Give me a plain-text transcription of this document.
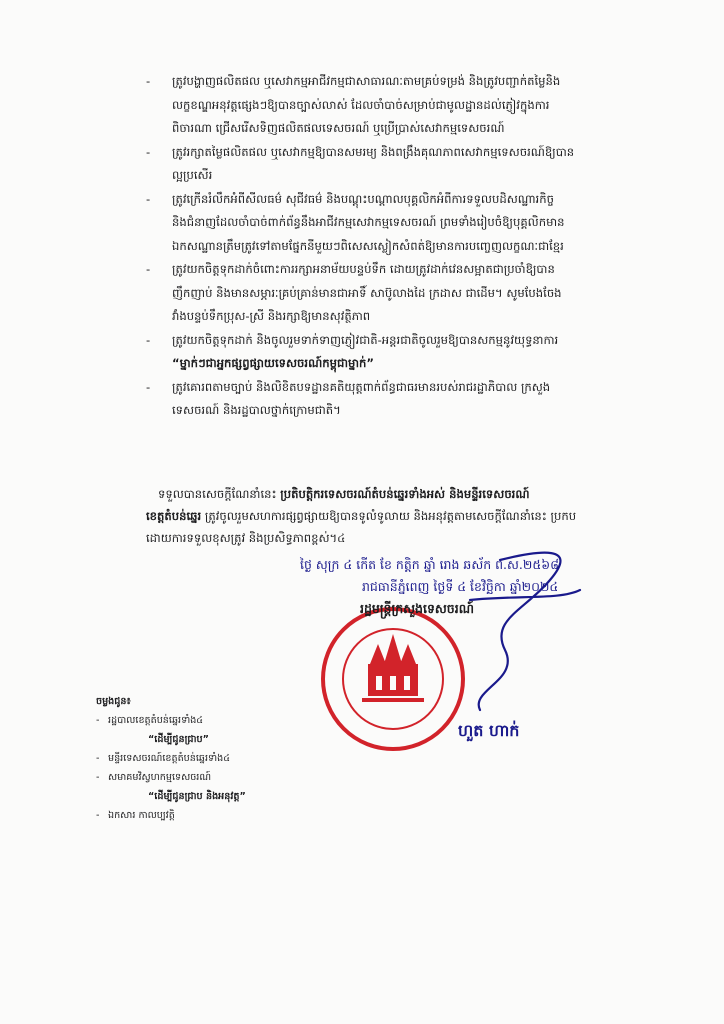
- ត្រូវបង្ហាញផលិតផល ឬសេវាកម្មអាជីវកម្មជាសាធារណៈតាមគ្រប់ទម្រង់ និងត្រូវបញ្ជាក់តម្លៃនិង

លក្ខខណ្ឌអនុវត្តផ្សេងៗឱ្យបានច្បាស់លាស់ ដែលចាំបាច់សម្រាប់ជាមូលដ្ឋានដល់ភ្ញៀវក្នុងការ

ពិចារណា ជ្រើសរើសទិញផលិតផលទេសចរណ៍ ឬប្រើប្រាស់សេវាកម្មទេសចរណ៍

- ត្រូវរក្សាតម្លៃផលិតផល ឬសេវាកម្មឱ្យបានសមរម្យ និងពង្រឹងគុណភាពសេវាកម្មទេសចរណ៍ឱ្យបាន

ល្អប្រសើរ

- ត្រូវក្រើនរំលឹកអំពីសីលធម៌ សុជីវធម៌ និងបណ្តុះបណ្តាលបុគ្គលិកអំពីការទទួលបដិសណ្ឋារកិច្ច

និងជំនាញដែលចាំបាច់ពាក់ព័ន្ធនឹងអាជីវកម្មសេវាកម្មទេសចរណ៍ ព្រមទាំងរៀបចំឱ្យបុគ្គលិកមាន

ឯកសណ្ឋានត្រឹមត្រូវទៅតាមផ្នែកនីមួយៗពិសេសស្លៀកសំពត់ឱ្យមានការបញ្ចេញលក្ខណៈជាខ្មែរ

- ត្រូវយកចិត្តទុកដាក់ចំពោះការរក្សាអនាម័យបន្ទប់ទឹក ដោយត្រូវដាក់វេនសម្អាតជាប្រចាំឱ្យបាន

ញឹកញាប់ និងមានសម្ភារៈគ្រប់គ្រាន់មានជាអាទិ៍ សាប៊ូលាងដៃ ក្រដាស ជាដើម។ សូមបែងចែង

វាំងបន្ទប់ទឹកប្រុស-ស្រី និងរក្សាឱ្យមានសុវត្ថិភាព

- ត្រូវយកចិត្តទុកដាក់ និងចូលរួមទាក់ទាញភ្ញៀវជាតិ-អន្តរជាតិចូលរួមឱ្យបានសកម្មនូវយុទ្ធនាការ

“ម្នាក់ៗជាអ្នកផ្សព្វផ្សាយទេសចរណ៍កម្ពុជាម្នាក់”

- ត្រូវគោរពតាមច្បាប់ និងលិខិតបទដ្ឋានគតិយុត្តពាក់ព័ន្ធជាធរមានរបស់រាជរដ្ឋាភិបាល ក្រសួង

ទេសចរណ៍ និងរដ្ឋបាលថ្នាក់ក្រោមជាតិ។

ទទួលបានសេចក្តីណែនាំនេះ ប្រតិបត្តិករទេសចរណ៍តំបន់ឆ្នេរទាំងអស់ និងមន្ទីរទេសចរណ៍

ខេត្តតំបន់ឆ្នេរ ត្រូវចូលរួមសហការផ្សព្វផ្សាយឱ្យបានទូលំទូលាយ និងអនុវត្តតាមសេចក្តីណែនាំនេះ ប្រកប

ដោយការទទួលខុសត្រូវ និងប្រសិទ្ធភាពខ្ពស់។៤

ថ្ងៃ សុក្រ ៤ កើត ខែ កត្តិក ឆ្នាំ រោង ឆស័ក ព.ស.២៥៦៨

រាជធានីភ្នំពេញ ថ្ងៃទី ៤ ខែវិច្ឆិកា ឆ្នាំ២០២៤

រដ្ឋមន្ត្រីក្រសួងទេសចរណ៍
ហួត ហាក់

ចម្លងជូន៖

- រដ្ឋបាលខេត្តតំបន់ឆ្នេរទាំង៤

“ដើម្បីជូនជ្រាប”

- មន្ទីរទេសចរណ៍ខេត្តតំបន់ឆ្នេរទាំង៤

- សមាគមវិស្វហកម្មទេសចរណ៍

“ដើម្បីជូនជ្រាប និងអនុវត្ត”

- ឯកសារ កាលប្បវត្តិ
